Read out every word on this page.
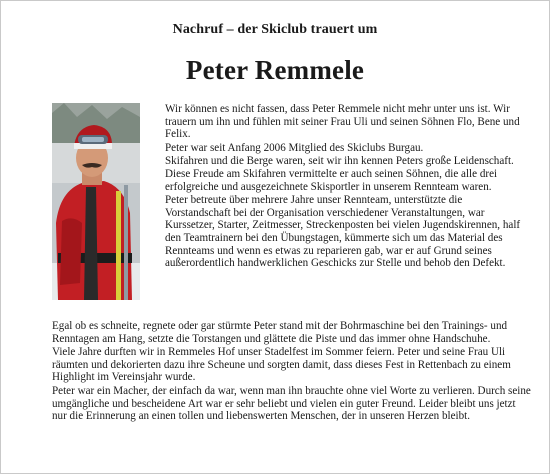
Nachruf – der Skiclub trauert um
Peter Remmele

Wir können es nicht fassen, dass Peter Remmele nicht mehr unter uns ist. Wir trauern um ihn und fühlen mit seiner Frau Uli und seinen Söhnen Flo, Bene und Felix.

Peter war seit Anfang 2006 Mitglied des Skiclubs Burgau.

Skifahren und die Berge waren, seit wir ihn kennen Peters große Leidenschaft. Diese Freude am Skifahren vermittelte er auch seinen Söhnen, die alle drei erfolgreiche und ausgezeichnete Skisportler in unserem Rennteam waren.

Peter betreute über mehrere Jahre unser Rennteam, unterstützte die Vorstandschaft bei der Organisation verschiedener Veranstaltungen, war Kurssetzer, Starter, Zeitmesser, Streckenposten bei vielen Jugendskirennen, half den Teamtrainern bei den Übungstagen, kümmerte sich um das Material des Rennteams und wenn es etwas zu reparieren gab, war er auf Grund seines außerordentlich handwerklichen Geschicks zur Stelle und behob den Defekt.

Egal ob es schneite, regnete oder gar stürmte Peter stand mit der Bohrmaschine bei den Trainings- und Renntagen am Hang, setzte die Torstangen und glättete die Piste und das immer ohne Handschuhe.

Viele Jahre durften wir in Remmeles Hof unser Stadelfest im Sommer feiern. Peter und seine Frau Uli räumten und dekorierten dazu ihre Scheune und sorgten damit, dass dieses Fest in Rettenbach zu einem Highlight im Vereinsjahr wurde.

Peter war ein Macher, der einfach da war, wenn man ihn brauchte ohne viel Worte zu verlieren. Durch seine umgängliche und bescheidene Art war er sehr beliebt und vielen ein guter Freund. Leider bleibt uns jetzt nur die Erinnerung an einen tollen und liebenswerten Menschen, der in unseren Herzen bleibt.
